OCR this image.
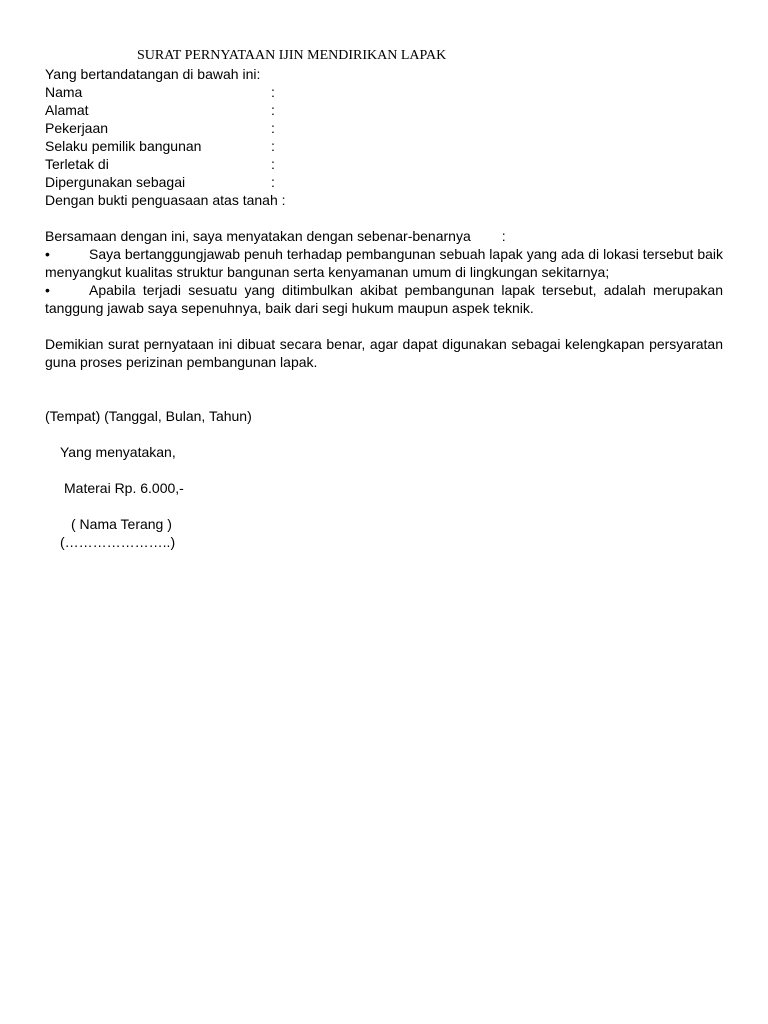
SURAT PERNYATAAN IJIN MENDIRIKAN LAPAK
Yang bertandatangan di bawah ini:
Nama	:
Alamat	:
Pekerjaan	:
Selaku pemilik bangunan	:
Terletak di	:
Dipergunakan sebagai	:
Dengan bukti penguasaan atas tanah :
Bersamaan dengan ini, saya menyatakan dengan sebenar-benarnya :
•	Saya bertanggungjawab penuh terhadap pembangunan sebuah lapak yang ada di lokasi tersebut baik menyangkut kualitas struktur bangunan serta kenyamanan umum di lingkungan sekitarnya;
•	Apabila terjadi sesuatu yang ditimbulkan akibat pembangunan lapak tersebut, adalah merupakan tanggung jawab saya sepenuhnya, baik dari segi hukum maupun aspek teknik.
Demikian surat pernyataan ini dibuat secara benar, agar dapat digunakan sebagai kelengkapan persyaratan guna proses perizinan pembangunan lapak.
(Tempat) (Tanggal, Bulan, Tahun)
Yang menyatakan,
Materai Rp. 6.000,-
( Nama Terang )
(…………………..)
